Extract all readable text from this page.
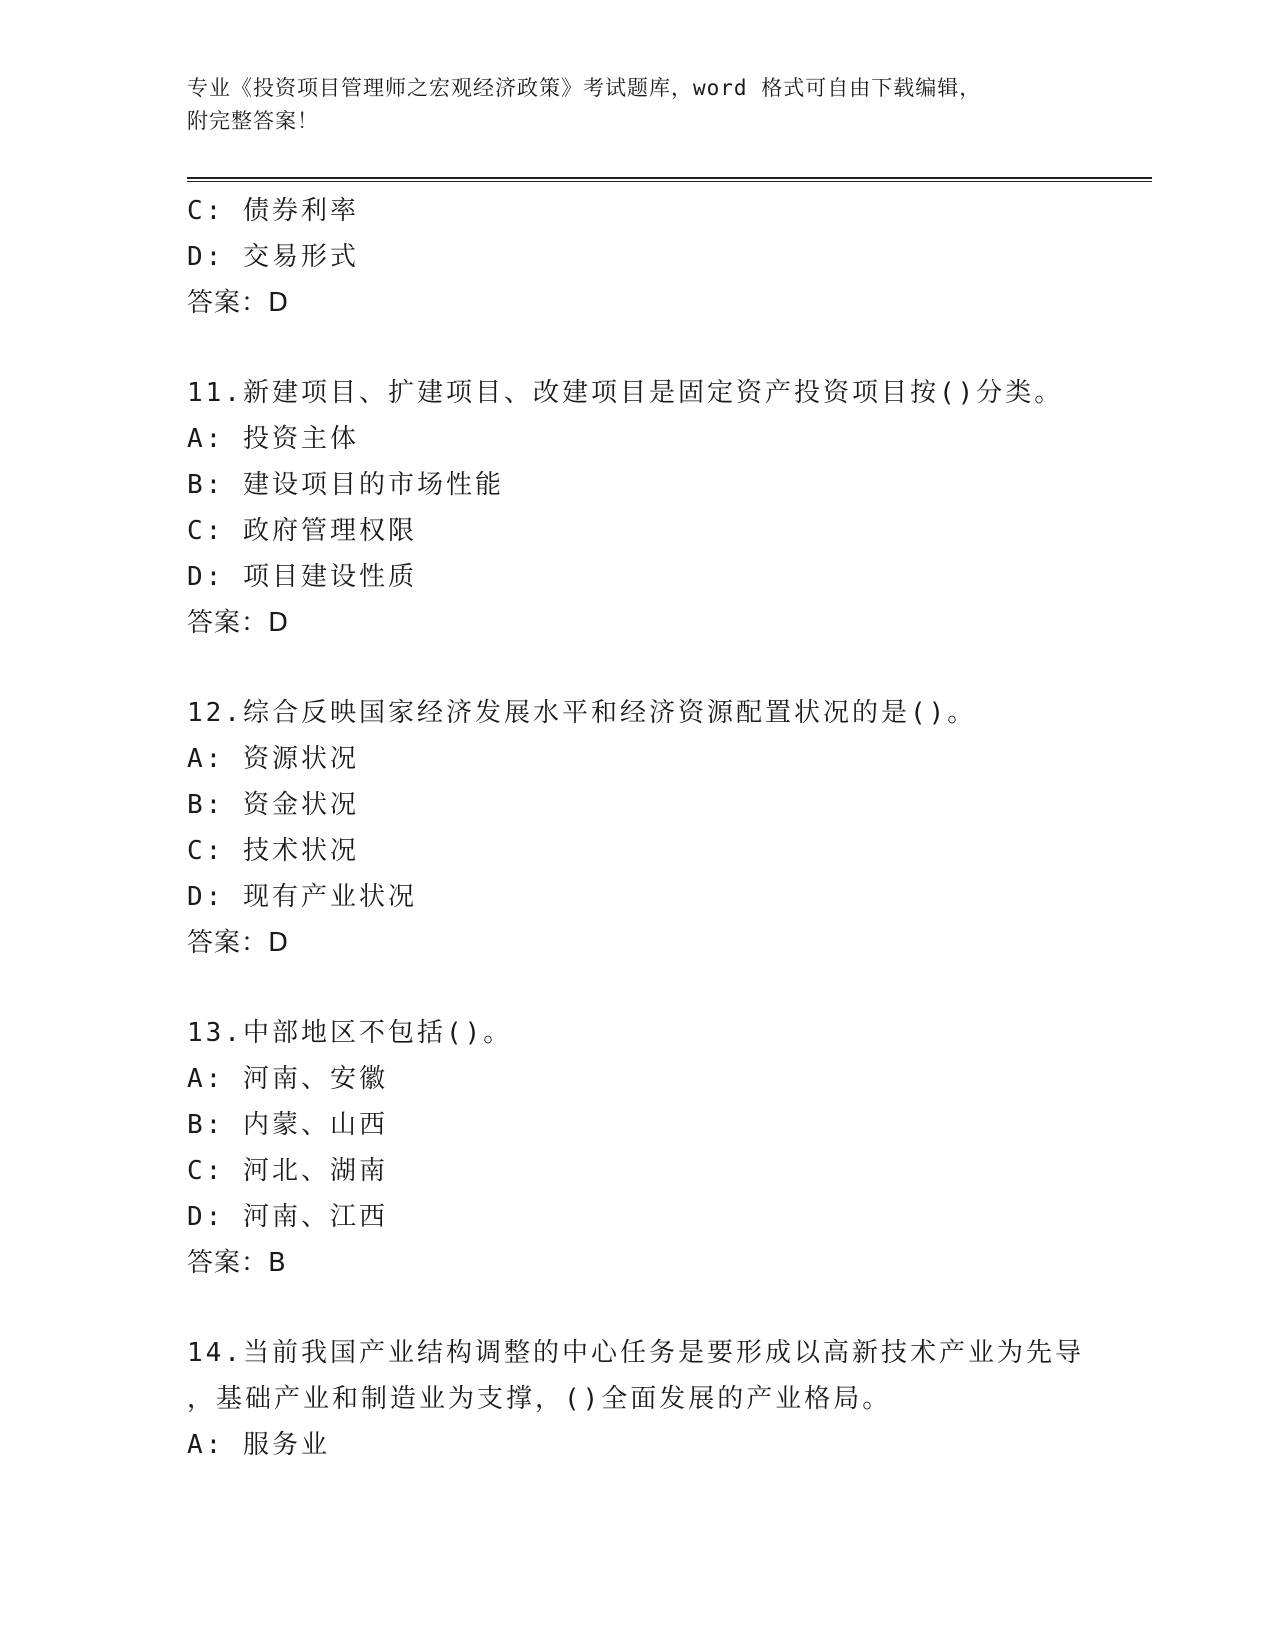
专业《投资项目管理师之宏观经济政策》考试题库，word 格式可自由下载编辑，
附完整答案！
C: 债券利率
D: 交易形式
答案：D
11.新建项目、扩建项目、改建项目是固定资产投资项目按()分类。
A: 投资主体
B: 建设项目的市场性能
C: 政府管理权限
D: 项目建设性质
答案：D
12.综合反映国家经济发展水平和经济资源配置状况的是()。
A: 资源状况
B: 资金状况
C: 技术状况
D: 现有产业状况
答案：D
13.中部地区不包括()。
A: 河南、安徽
B: 内蒙、山西
C: 河北、湖南
D: 河南、江西
答案：B
14.当前我国产业结构调整的中心任务是要形成以高新技术产业为先导
，基础产业和制造业为支撑，()全面发展的产业格局。
A: 服务业
